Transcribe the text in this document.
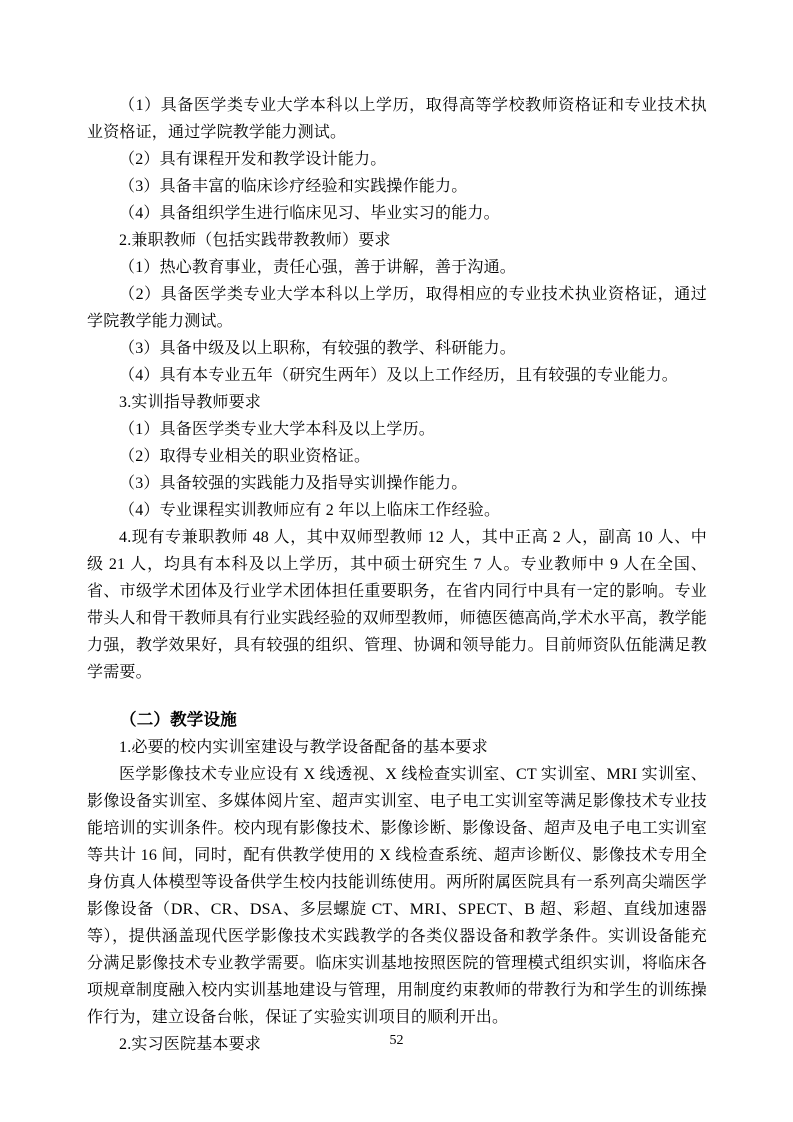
（1）具备医学类专业大学本科以上学历，取得高等学校教师资格证和专业技术执业资格证，通过学院教学能力测试。

（2）具有课程开发和教学设计能力。

（3）具备丰富的临床诊疗经验和实践操作能力。

（4）具备组织学生进行临床见习、毕业实习的能力。

2.兼职教师（包括实践带教教师）要求

（1）热心教育事业，责任心强，善于讲解，善于沟通。

（2）具备医学类专业大学本科以上学历，取得相应的专业技术执业资格证，通过学院教学能力测试。

（3）具备中级及以上职称，有较强的教学、科研能力。

（4）具有本专业五年（研究生两年）及以上工作经历，且有较强的专业能力。

3.实训指导教师要求

（1）具备医学类专业大学本科及以上学历。

（2）取得专业相关的职业资格证。

（3）具备较强的实践能力及指导实训操作能力。

（4）专业课程实训教师应有 2 年以上临床工作经验。

4.现有专兼职教师 48 人，其中双师型教师 12 人，其中正高 2 人，副高 10 人、中级 21 人，均具有本科及以上学历，其中硕士研究生 7 人。专业教师中 9 人在全国、省、市级学术团体及行业学术团体担任重要职务，在省内同行中具有一定的影响。专业带头人和骨干教师具有行业实践经验的双师型教师，师德医德高尚,学术水平高，教学能力强，教学效果好，具有较强的组织、管理、协调和领导能力。目前师资队伍能满足教学需要。

（二）教学设施

1.必要的校内实训室建设与教学设备配备的基本要求

医学影像技术专业应设有 X 线透视、X 线检查实训室、CT 实训室、MRI 实训室、影像设备实训室、多媒体阅片室、超声实训室、电子电工实训室等满足影像技术专业技能培训的实训条件。校内现有影像技术、影像诊断、影像设备、超声及电子电工实训室等共计 16 间，同时，配有供教学使用的 X 线检查系统、超声诊断仪、影像技术专用全身仿真人体模型等设备供学生校内技能训练使用。两所附属医院具有一系列高尖端医学影像设备（DR、CR、DSA、多层螺旋 CT、MRI、SPECT、B 超、彩超、直线加速器等），提供涵盖现代医学影像技术实践教学的各类仪器设备和教学条件。实训设备能充分满足影像技术专业教学需要。临床实训基地按照医院的管理模式组织实训，将临床各项规章制度融入校内实训基地建设与管理，用制度约束教师的带教行为和学生的训练操作行为，建立设备台帐，保证了实验实训项目的顺利开出。

2.实习医院基本要求	52
